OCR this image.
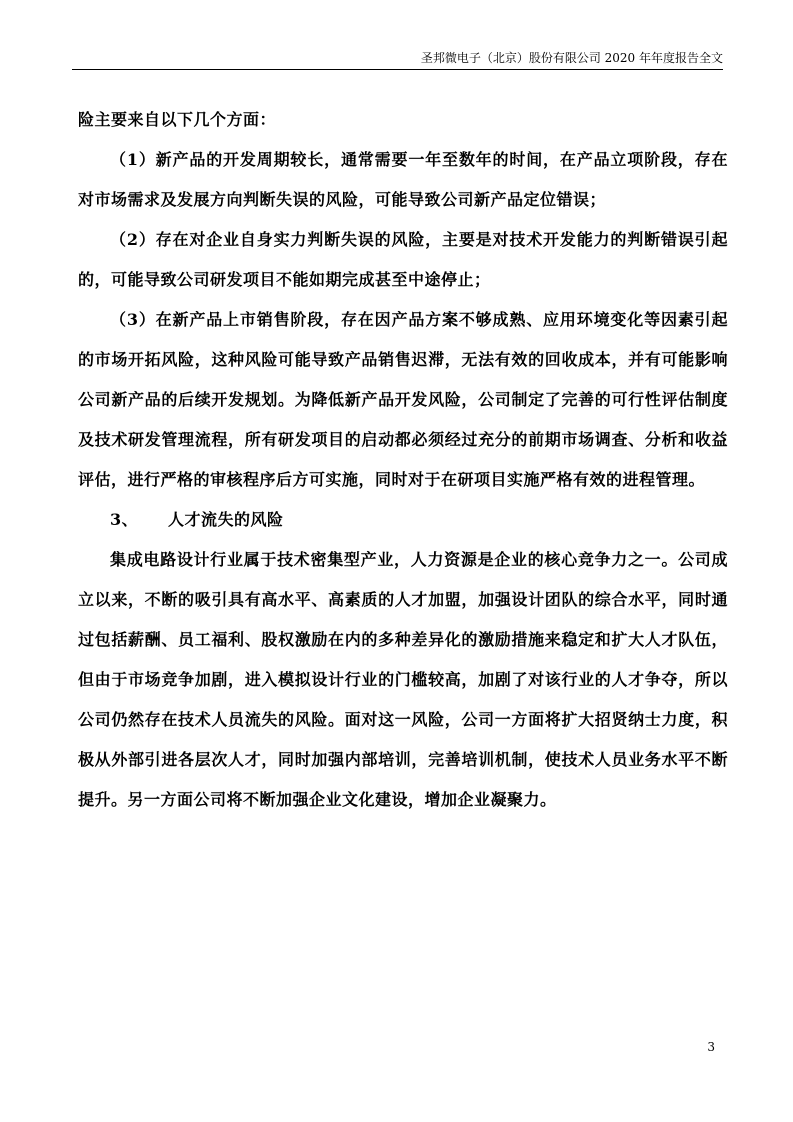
圣邦微电子（北京）股份有限公司 2020 年年度报告全文

险主要来自以下几个方面：

（1）新产品的开发周期较长，通常需要一年至数年的时间，在产品立项阶段，存在对市场需求及发展方向判断失误的风险，可能导致公司新产品定位错误；

（2）存在对企业自身实力判断失误的风险，主要是对技术开发能力的判断错误引起的，可能导致公司研发项目不能如期完成甚至中途停止；

（3）在新产品上市销售阶段，存在因产品方案不够成熟、应用环境变化等因素引起的市场开拓风险，这种风险可能导致产品销售迟滞，无法有效的回收成本，并有可能影响公司新产品的后续开发规划。为降低新产品开发风险，公司制定了完善的可行性评估制度及技术研发管理流程，所有研发项目的启动都必须经过充分的前期市场调查、分析和收益评估，进行严格的审核程序后方可实施，同时对于在研项目实施严格有效的进程管理。

3、 人才流失的风险

集成电路设计行业属于技术密集型产业，人力资源是企业的核心竞争力之一。公司成立以来，不断的吸引具有高水平、高素质的人才加盟，加强设计团队的综合水平，同时通过包括薪酬、员工福利、股权激励在内的多种差异化的激励措施来稳定和扩大人才队伍，但由于市场竞争加剧，进入模拟设计行业的门槛较高，加剧了对该行业的人才争夺，所以公司仍然存在技术人员流失的风险。面对这一风险，公司一方面将扩大招贤纳士力度，积极从外部引进各层次人才，同时加强内部培训，完善培训机制，使技术人员业务水平不断提升。另一方面公司将不断加强企业文化建设，增加企业凝聚力。

3
